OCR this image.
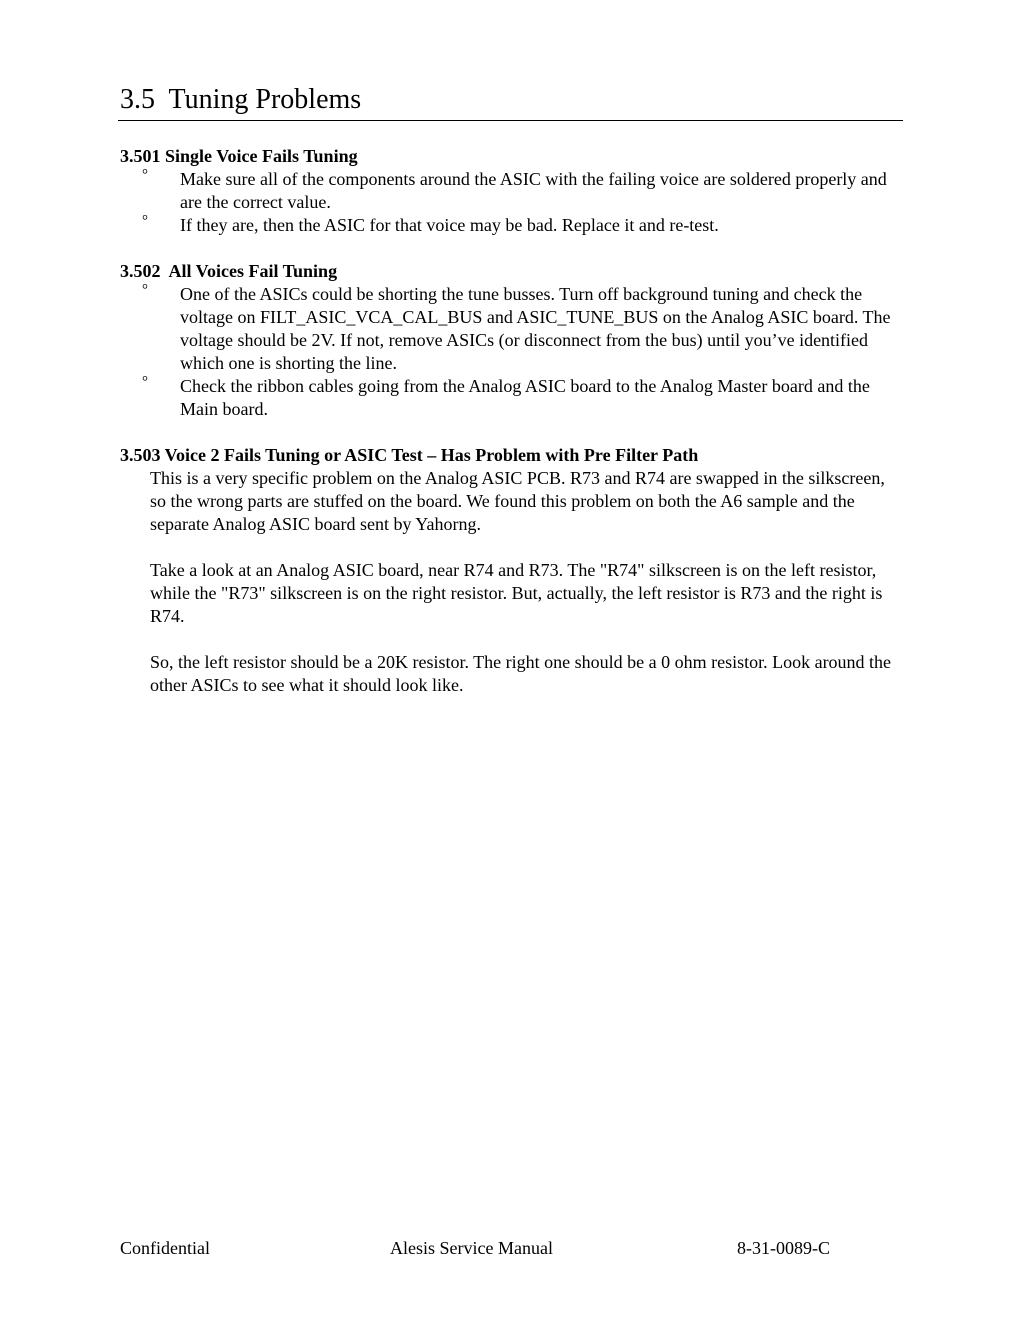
3.5  Tuning Problems

3.501 Single Voice Fails Tuning

° Make sure all of the components around the ASIC with the failing voice are soldered properly and are the correct value.
° If they are, then the ASIC for that voice may be bad. Replace it and re-test.

3.502  All Voices Fail Tuning

° One of the ASICs could be shorting the tune busses. Turn off background tuning and check the voltage on FILT_ASIC_VCA_CAL_BUS and ASIC_TUNE_BUS on the Analog ASIC board. The voltage should be 2V. If not, remove ASICs (or disconnect from the bus) until you’ve identified which one is shorting the line.
° Check the ribbon cables going from the Analog ASIC board to the Analog Master board and the Main board.

3.503 Voice 2 Fails Tuning or ASIC Test – Has Problem with Pre Filter Path

This is a very specific problem on the Analog ASIC PCB. R73 and R74 are swapped in the silkscreen, so the wrong parts are stuffed on the board. We found this problem on both the A6 sample and the separate Analog ASIC board sent by Yahorng.

Take a look at an Analog ASIC board, near R74 and R73. The "R74" silkscreen is on the left resistor, while the "R73" silkscreen is on the right resistor. But, actually, the left resistor is R73 and the right is R74.

So, the left resistor should be a 20K resistor. The right one should be a 0 ohm resistor. Look around the other ASICs to see what it should look like.

Confidential	Alesis Service Manual	8-31-0089-C
